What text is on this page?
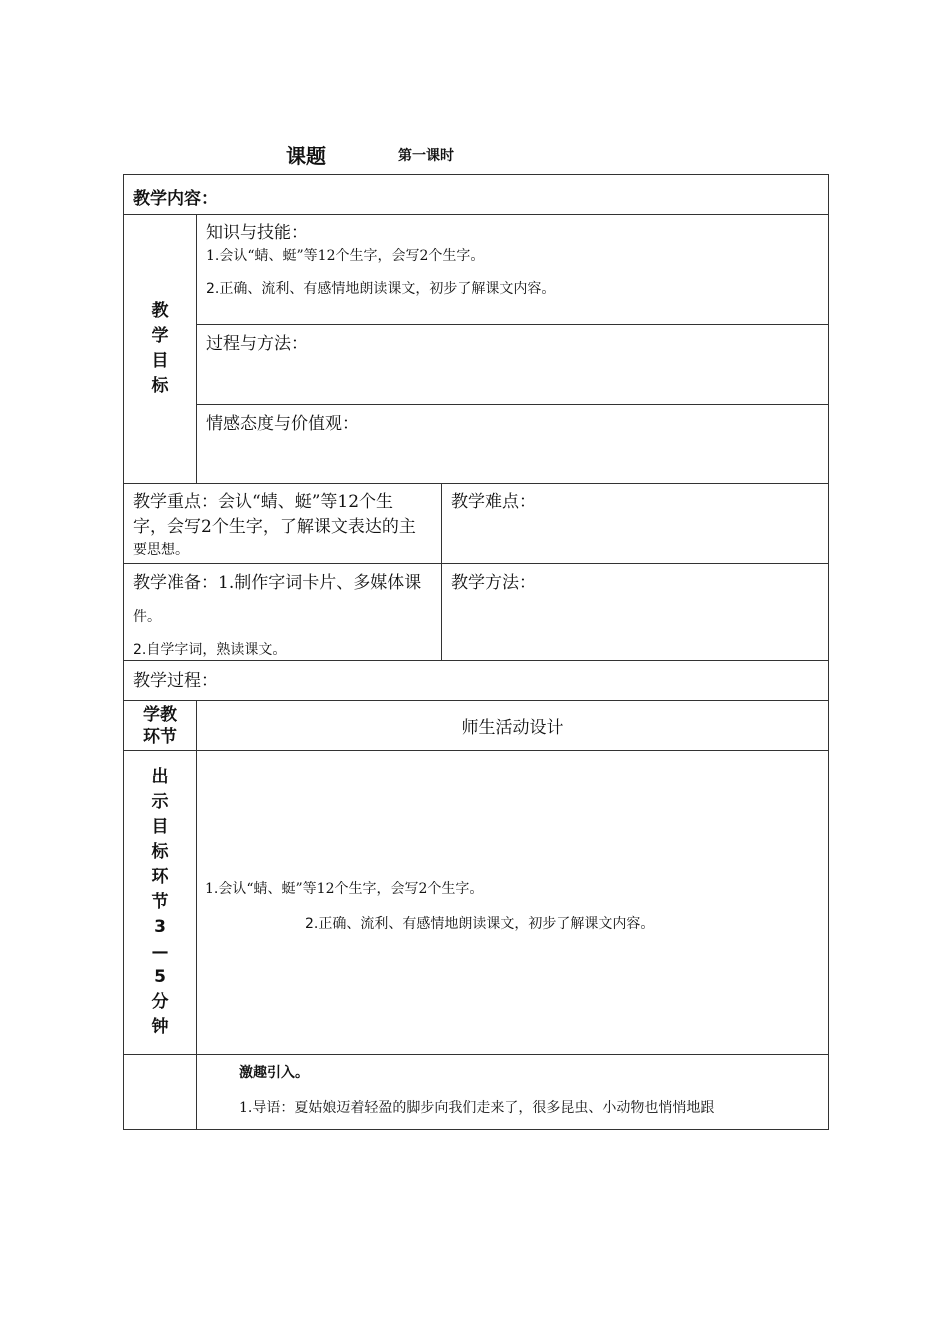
课题	第一课时
教学内容：
教
学
目
标
知识与技能：
1.会认“蜻、蜓”等12个生字，会写2个生字。
2.正确、流利、有感情地朗读课文，初步了解课文内容。
过程与方法：
情感态度与价值观：
教学重点：会认“蜻、蜓”等12个生
字，会写2个生字，了解课文表达的主
要思想。
教学难点：
教学准备：1.制作字词卡片、多媒体课
件。
2.自学字词，熟读课文。
教学方法：
教学过程：
学教
环节	师生活动设计
出
示
目
标
环
节
3
—
5
分
钟
1.会认“蜻、蜓”等12个生字，会写2个生字。
2.正确、流利、有感情地朗读课文，初步了解课文内容。
激趣引入。
1.导语：夏姑娘迈着轻盈的脚步向我们走来了，很多昆虫、小动物也悄悄地跟
